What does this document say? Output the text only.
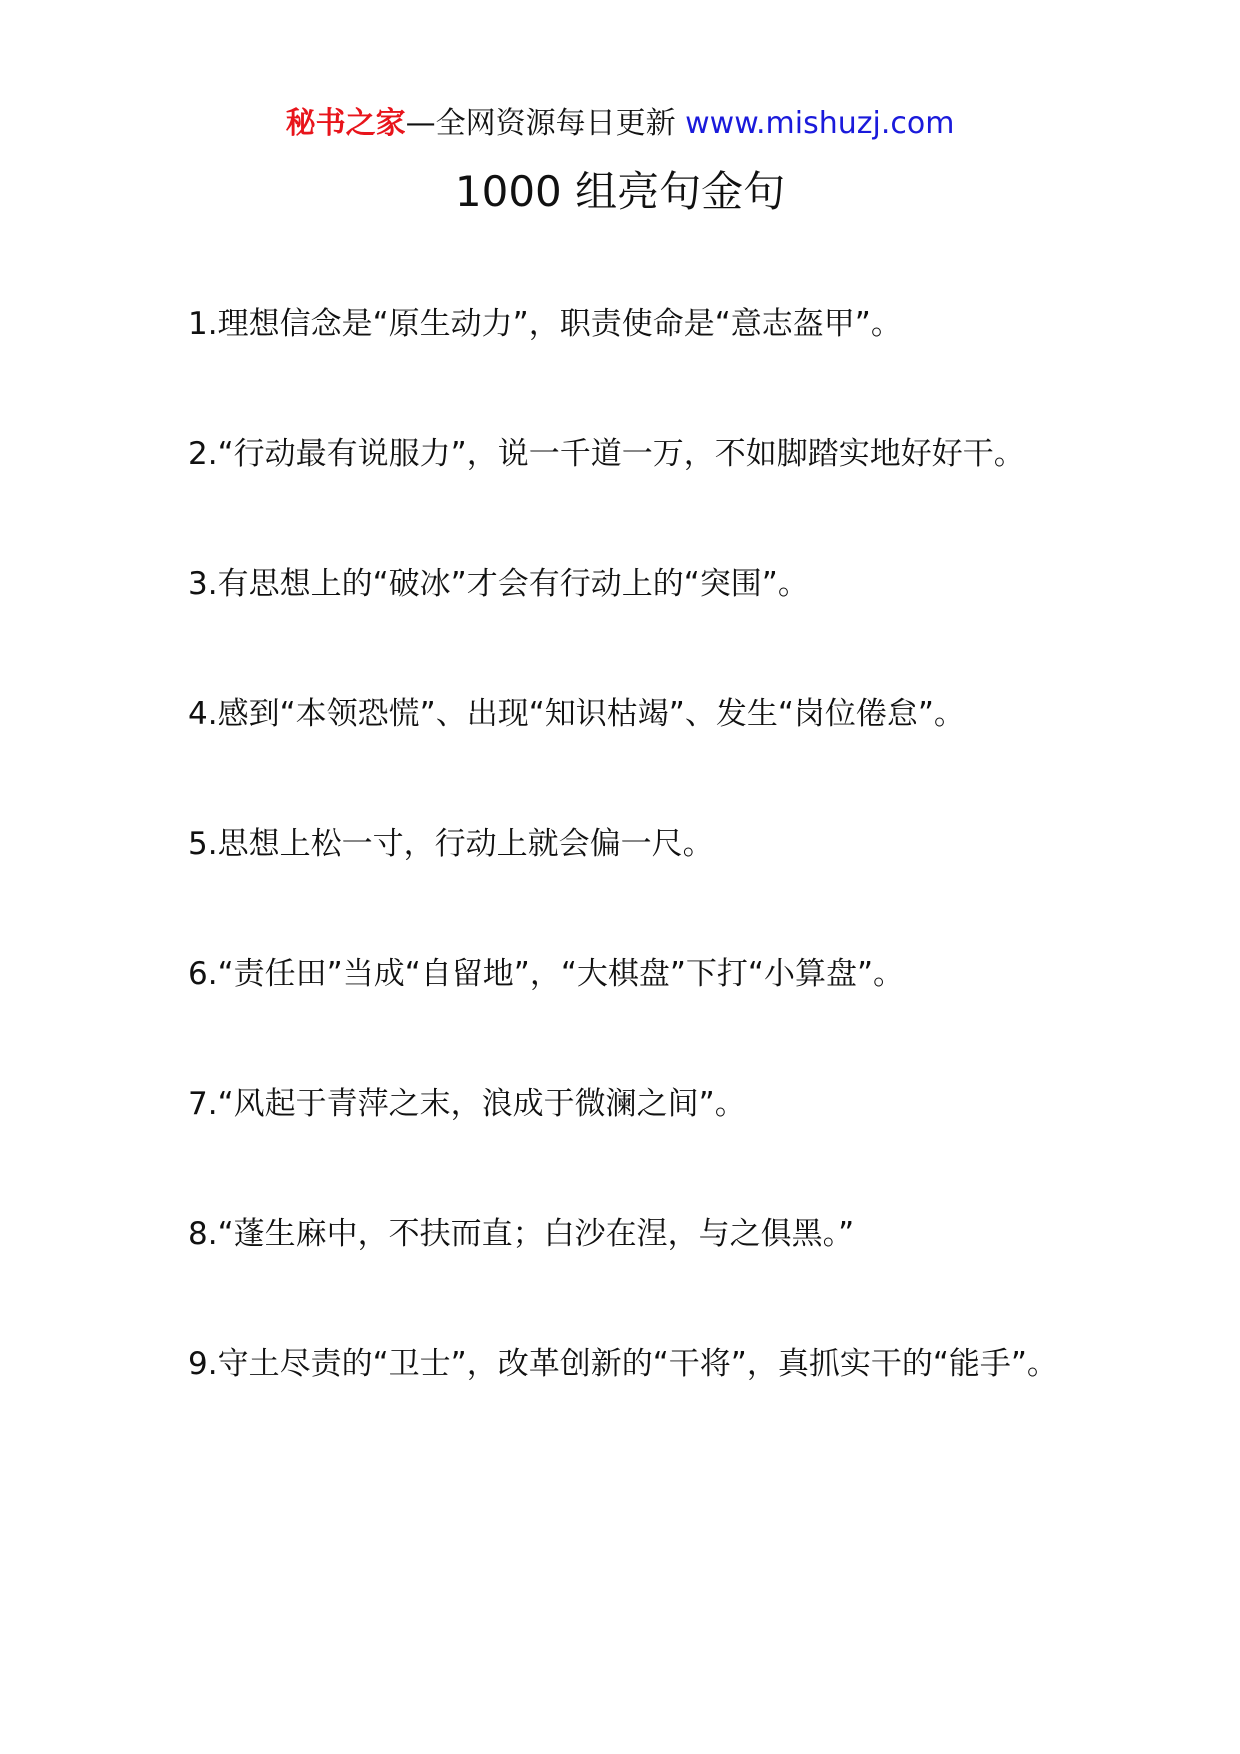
秘书之家—全网资源每日更新 www.mishuzj.com
1000 组亮句金句

1.理想信念是“原生动力”，职责使命是“意志盔甲”。

2.“行动最有说服力”，说一千道一万，不如脚踏实地好好干。

3.有思想上的“破冰”才会有行动上的“突围”。

4.感到“本领恐慌”、出现“知识枯竭”、发生“岗位倦怠”。

5.思想上松一寸，行动上就会偏一尺。

6.“责任田”当成“自留地”，“大棋盘”下打“小算盘”。

7.“风起于青萍之末，浪成于微澜之间”。

8.“蓬生麻中，不扶而直；白沙在涅，与之俱黑。”

9.守土尽责的“卫士”，改革创新的“干将”，真抓实干的“能手”。
